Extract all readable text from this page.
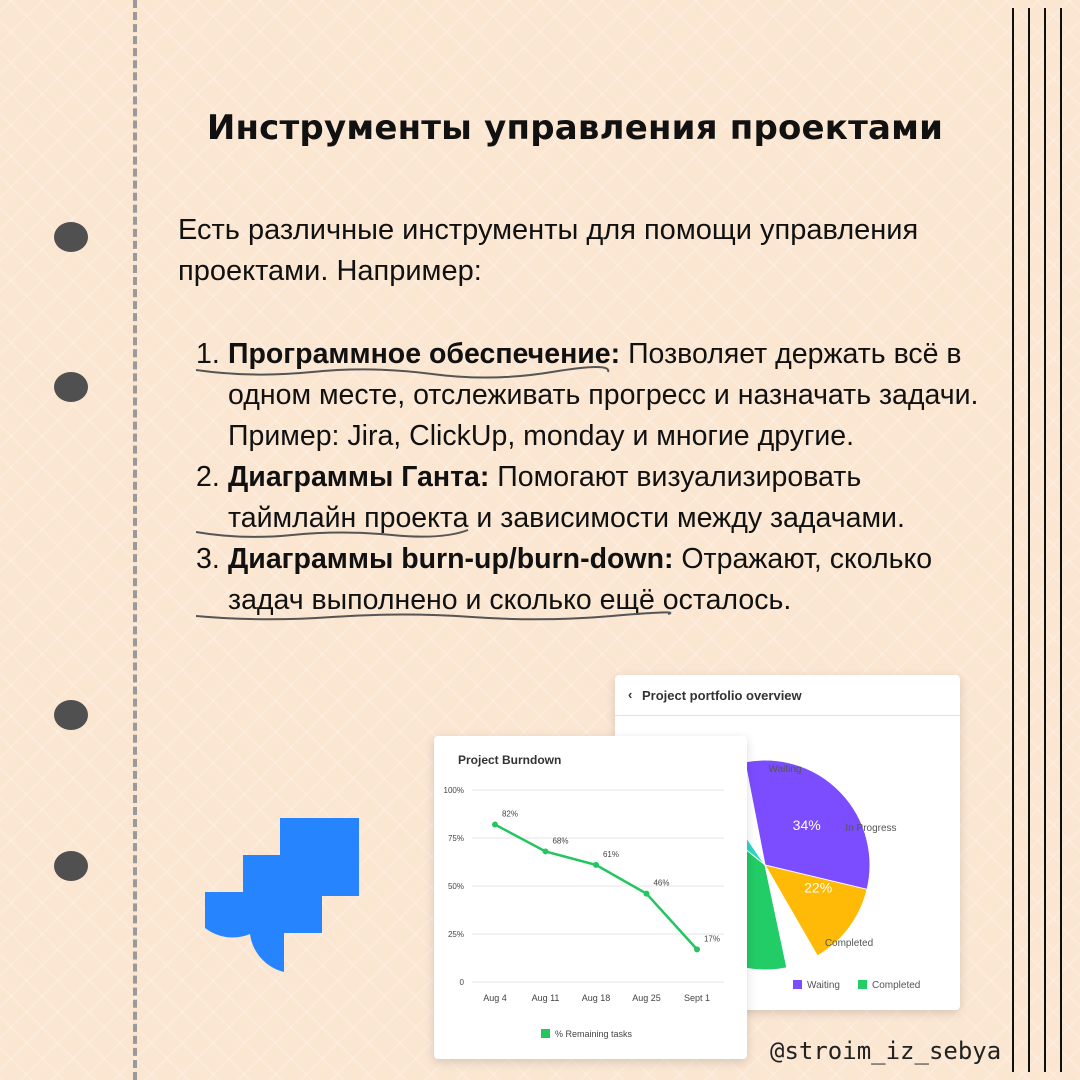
Инструменты управления проектами
Есть различные инструменты для помощи управления проектами. Например:
1. Программное обеспечение: Позволяет держать всё в одном месте, отслеживать прогресс и назначать задачи. Пример: Jira, ClickUp, monday и многие другие.
2. Диаграммы Ганта: Помогают визуализировать таймлайн проекта и зависимости между задачами.
3. Диаграммы burn-up/burn-down: Отражают, сколько задач выполнено и сколько ещё осталось.
‹ Project portfolio overview
22%
34%
Completed
In Progress
Waiting
Waiting	Completed
Project Burndown
0
25%
50%
75%
100%
Aug 4	Aug 11 Aug 18 Aug 25	Sept 1
82%
68%
61%
46%
17%
% Remaining tasks
@stroim_iz_sebya
